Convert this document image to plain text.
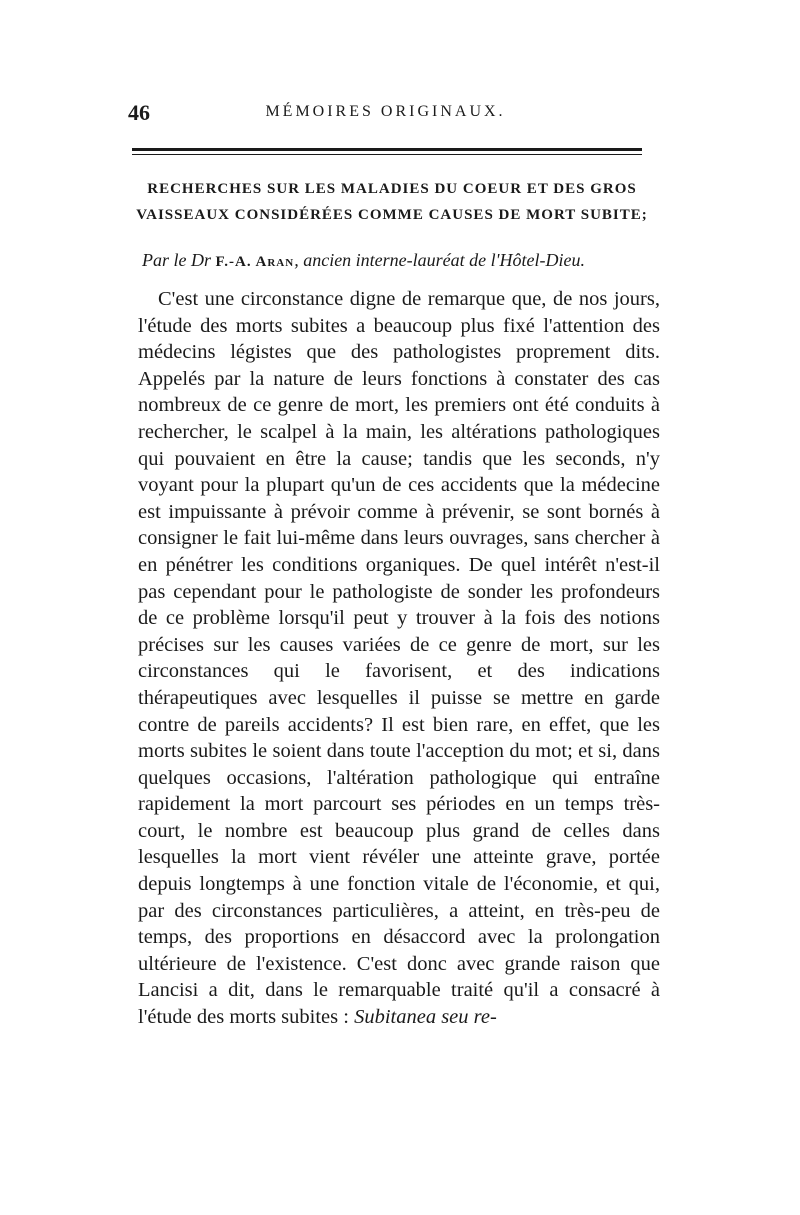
46	MÉMOIRES ORIGINAUX.
RECHERCHES SUR LES MALADIES DU COEUR ET DES GROS VAISSEAUX CONSIDÉRÉES COMME CAUSES DE MORT SUBITE;
Par le Dr F.-A. Aran, ancien interne-lauréat de l'Hôtel-Dieu.
C'est une circonstance digne de remarque que, de nos jours, l'étude des morts subites a beaucoup plus fixé l'attention des médecins légistes que des pathologistes proprement dits. Appelés par la nature de leurs fonctions à constater des cas nombreux de ce genre de mort, les premiers ont été conduits à rechercher, le scalpel à la main, les altérations pathologiques qui pouvaient en être la cause; tandis que les seconds, n'y voyant pour la plupart qu'un de ces accidents que la médecine est impuissante à prévoir comme à prévenir, se sont bornés à consigner le fait lui-même dans leurs ouvrages, sans chercher à en pénétrer les conditions organiques. De quel intérêt n'est-il pas cependant pour le pathologiste de sonder les profondeurs de ce problème lorsqu'il peut y trouver à la fois des notions précises sur les causes variées de ce genre de mort, sur les circonstances qui le favorisent, et des indications thérapeutiques avec lesquelles il puisse se mettre en garde contre de pareils accidents? Il est bien rare, en effet, que les morts subites le soient dans toute l'acception du mot; et si, dans quelques occasions, l'altération pathologique qui entraîne rapidement la mort parcourt ses périodes en un temps très-court, le nombre est beaucoup plus grand de celles dans lesquelles la mort vient révéler une atteinte grave, portée depuis longtemps à une fonction vitale de l'économie, et qui, par des circonstances particulières, a atteint, en très-peu de temps, des proportions en désaccord avec la prolongation ultérieure de l'existence. C'est donc avec grande raison que Lancisi a dit, dans le remarquable traité qu'il a consacré à l'étude des morts subites : Subitanea seu re-
